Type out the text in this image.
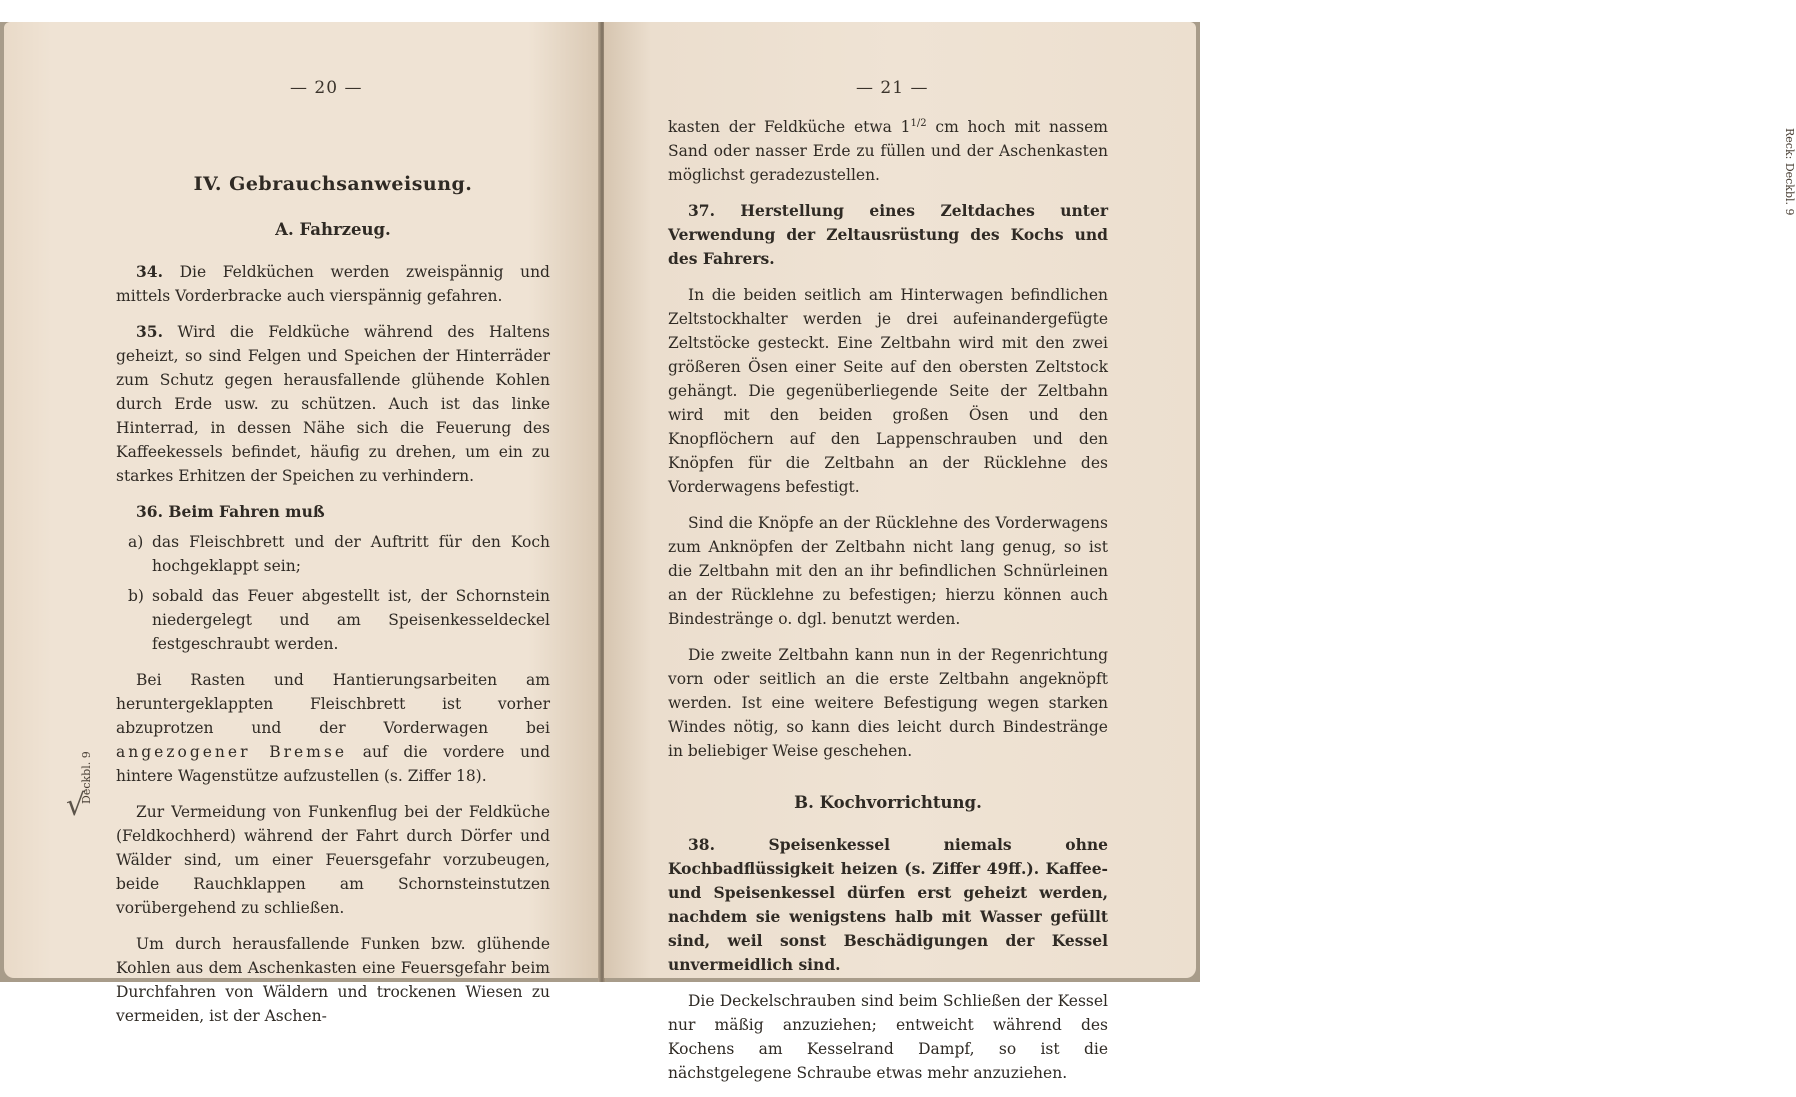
— 20 —
IV. Gebrauchsanweisung.
A. Fahrzeug.

34. Die Feldküchen werden zweispännig und mittels Vorderbracke auch vierspännig gefahren.

35. Wird die Feldküche während des Haltens geheizt, so sind Felgen und Speichen der Hinterräder zum Schutz gegen herausfallende glühende Kohlen durch Erde usw. zu schützen. Auch ist das linke Hinterrad, in dessen Nähe sich die Feuerung des Kaffeekessels befindet, häufig zu drehen, um ein zu starkes Erhitzen der Speichen zu verhindern.

36. Beim Fahren muß

a) das Fleischbrett und der Auftritt für den Koch hochgeklappt sein;
b) sobald das Feuer abgestellt ist, der Schornstein niedergelegt und am Speisenkesseldeckel festgeschraubt werden.

Bei Rasten und Hantierungsarbeiten am heruntergeklappten Fleischbrett ist vorher abzuprotzen und der Vorderwagen bei angezogener Bremse auf die vordere und hintere Wagenstütze aufzustellen (s. Ziffer 18).

Zur Vermeidung von Funkenflug bei der Feldküche (Feldkochherd) während der Fahrt durch Dörfer und Wälder sind, um einer Feuersgefahr vorzubeugen, beide Rauchklappen am Schornsteinstutzen vorübergehend zu schließen.

Um durch herausfallende Funken bzw. glühende Kohlen aus dem Aschenkasten eine Feuersgefahr beim Durchfahren von Wäldern und trockenen Wiesen zu vermeiden, ist der Aschen-

√
Deckbl. 9
— 21 —

kasten der Feldküche etwa $1^{1/2}$ cm hoch mit nassem Sand oder nasser Erde zu füllen und der Aschenkasten möglichst geradezustellen.

37. Herstellung eines Zeltdaches unter Verwendung der Zeltausrüstung des Kochs und des Fahrers.

In die beiden seitlich am Hinterwagen befindlichen Zeltstockhalter werden je drei aufeinandergefügte Zeltstöcke gesteckt. Eine Zeltbahn wird mit den zwei größeren Ösen einer Seite auf den obersten Zeltstock gehängt. Die gegenüberliegende Seite der Zeltbahn wird mit den beiden großen Ösen und den Knopflöchern auf den Lappenschrauben und den Knöpfen für die Zeltbahn an der Rücklehne des Vorderwagens befestigt.

Sind die Knöpfe an der Rücklehne des Vorderwagens zum Anknöpfen der Zeltbahn nicht lang genug, so ist die Zeltbahn mit den an ihr befindlichen Schnürleinen an der Rücklehne zu befestigen; hierzu können auch Bindestränge o. dgl. benutzt werden.

Die zweite Zeltbahn kann nun in der Regenrichtung vorn oder seitlich an die erste Zeltbahn angeknöpft werden. Ist eine weitere Befestigung wegen starken Windes nötig, so kann dies leicht durch Bindestränge in beliebiger Weise geschehen.

B. Kochvorrichtung.

38. Speisenkessel niemals ohne Kochbadflüssigkeit heizen (s. Ziffer 49ff.). Kaffee- und Speisenkessel dürfen erst geheizt werden, nachdem sie wenigstens halb mit Wasser gefüllt sind, weil sonst Beschädigungen der Kessel unvermeidlich sind.

Die Deckelschrauben sind beim Schließen der Kessel nur mäßig anzuziehen; entweicht während des Kochens am Kesselrand Dampf, so ist die nächstgelegene Schraube etwas mehr anzuziehen.

Reck: Deckbl. 9
